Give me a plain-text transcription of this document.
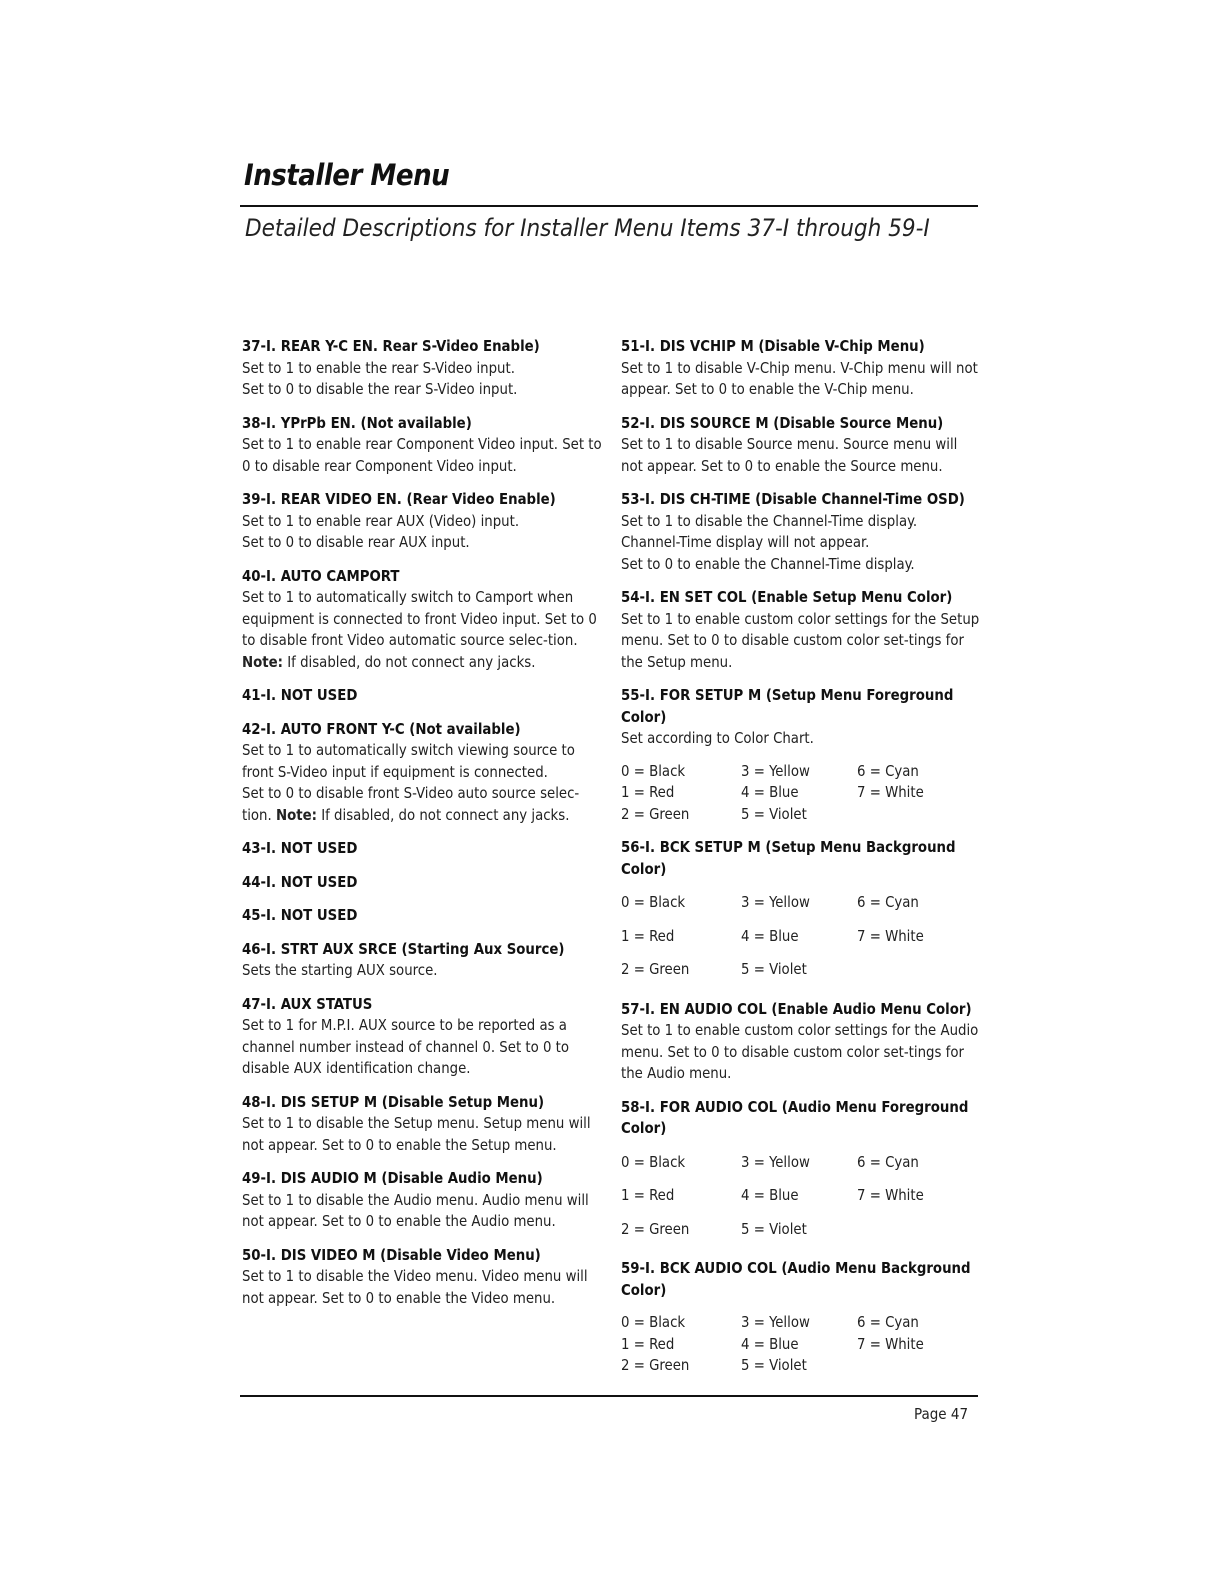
Installer Menu
Detailed Descriptions for Installer Menu Items 37-I through 59-I
37-I. REAR Y-C EN. Rear S-Video Enable)

Set to 1 to enable the rear S-Video input.

Set to 0 to disable the rear S-Video input.

38-I. YPrPb EN. (Not available)

Set to 1 to enable rear Component Video input. Set to 0 to disable rear Component Video input.

39-I. REAR VIDEO EN. (Rear Video Enable)

Set to 1 to enable rear AUX (Video) input.

Set to 0 to disable rear AUX input.

40-I. AUTO CAMPORT

Set to 1 to automatically switch to Camport when equipment is connected to front Video input. Set to 0 to disable front Video automatic source selec-tion. Note: If disabled, do not connect any jacks.

41-I. NOT USED
42-I. AUTO FRONT Y-C (Not available)

Set to 1 to automatically switch viewing source to front S-Video input if equipment is connected.

Set to 0 to disable front S-Video auto source selec-tion. Note: If disabled, do not connect any jacks.

43-I. NOT USED
44-I. NOT USED
45-I. NOT USED
46-I. STRT AUX SRCE (Starting Aux Source)

Sets the starting AUX source.

47-I. AUX STATUS

Set to 1 for M.P.I. AUX source to be reported as a channel number instead of channel 0. Set to 0 to disable AUX identification change.

48-I. DIS SETUP M (Disable Setup Menu)

Set to 1 to disable the Setup menu. Setup menu will not appear. Set to 0 to enable the Setup menu.

49-I. DIS AUDIO M (Disable Audio Menu)

Set to 1 to disable the Audio menu. Audio menu will not appear. Set to 0 to enable the Audio menu.

50-I. DIS VIDEO M (Disable Video Menu)

Set to 1 to disable the Video menu. Video menu will not appear. Set to 0 to enable the Video menu.

51-I. DIS VCHIP M (Disable V-Chip Menu)

Set to 1 to disable V-Chip menu. V-Chip menu will not appear. Set to 0 to enable the V-Chip menu.

52-I. DIS SOURCE M (Disable Source Menu)

Set to 1 to disable Source menu. Source menu will not appear. Set to 0 to enable the Source menu.

53-I. DIS CH-TIME (Disable Channel-Time OSD)

Set to 1 to disable the Channel-Time display.

Channel-Time display will not appear.

Set to 0 to enable the Channel-Time display.

54-I. EN SET COL (Enable Setup Menu Color)

Set to 1 to enable custom color settings for the Setup menu. Set to 0 to disable custom color set-tings for the Setup menu.

55-I. FOR SETUP M (Setup Menu Foreground Color)

Set according to Color Chart.

0 = Black	3 = Yellow	6 = Cyan
1 = Red	4 = Blue	7 = White
2 = Green	5 = Violet
56-I. BCK SETUP M (Setup Menu Background Color)
0 = Black	3 = Yellow	6 = Cyan
1 = Red	4 = Blue	7 = White
2 = Green	5 = Violet
57-I. EN AUDIO COL (Enable Audio Menu Color)

Set to 1 to enable custom color settings for the Audio menu. Set to 0 to disable custom color set-tings for the Audio menu.

58-I. FOR AUDIO COL (Audio Menu Foreground Color)
0 = Black	3 = Yellow	6 = Cyan
1 = Red	4 = Blue	7 = White
2 = Green	5 = Violet
59-I. BCK AUDIO COL (Audio Menu Background Color)
0 = Black	3 = Yellow	6 = Cyan
1 = Red	4 = Blue	7 = White
2 = Green	5 = Violet
Page 47
